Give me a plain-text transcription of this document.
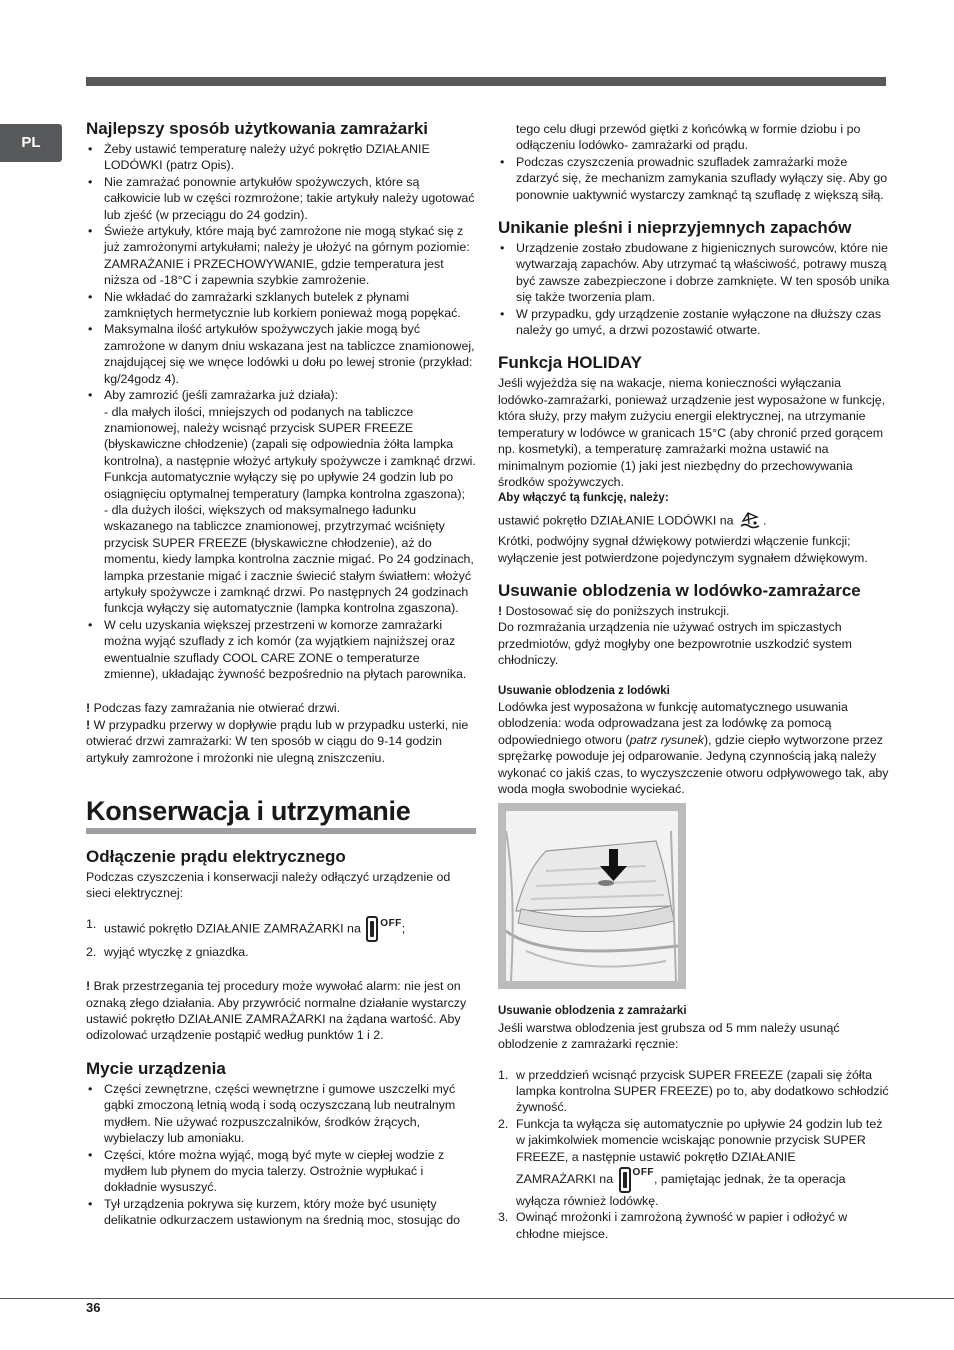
PL
Najlepszy sposób użytkowania zamrażarki
• Żeby ustawić temperaturę należy użyć pokrętło DZIAŁANIE LODÓWKI (patrz Opis).
• Nie zamrażać ponownie artykułów spożywczych, które są całkowicie lub w części rozmrożone; takie artykuły należy ugotować lub zjeść (w przeciągu do 24 godzin).
• Świeże artykuły, które mają być zamrożone nie mogą stykać się z już zamrożonymi artykułami; należy je ułożyć na górnym poziomie: ZAMRAŻANIE i PRZECHOWYWANIE, gdzie temperatura jest niższa od -18°C i zapewnia szybkie zamrożenie.
• Nie wkładać do zamrażarki szklanych butelek z płynami zamkniętych hermetycznie lub korkiem ponieważ mogą popękać.
• Maksymalna ilość artykułów spożywczych jakie mogą być zamrożone w danym dniu wskazana jest na tabliczce znamionowej, znajdującej się we wnęce lodówki u dołu po lewej stronie (przykład: kg/24godz 4).
• Aby zamrozić (jeśli zamrażarka już działa):
- dla małych ilości, mniejszych od podanych na tabliczce znamionowej, należy wcisnąć przycisk SUPER FREEZE (błyskawiczne chłodzenie) (zapali się odpowiednia żółta lampka kontrolna), a następnie włożyć artykuły spożywcze i zamknąć drzwi. Funkcja automatycznie wyłączy się po upływie 24 godzin lub po osiągnięciu optymalnej temperatury (lampka kontrolna zgaszona);
- dla dużych ilości, większych od maksymalnego ładunku wskazanego na tabliczce znamionowej, przytrzymać wciśnięty przycisk SUPER FREEZE (błyskawiczne chłodzenie), aż do momentu, kiedy lampka kontrolna zacznie migać. Po 24 godzinach, lampka przestanie migać i zacznie świecić stałym światłem: włożyć artykuły spożywcze i zamknąć drzwi. Po następnych 24 godzinach funkcja wyłączy się automatycznie (lampka kontrolna zgaszona).
• W celu uzyskania większej przestrzeni w komorze zamrażarki można wyjąć szuflady z ich komór (za wyjątkiem najniższej oraz ewentualnie szuflady COOL CARE ZONE o temperaturze zmienne), układając żywność bezpośrednio na płytach parownika.

! Podczas fazy zamrażania nie otwierać drzwi.

! W przypadku przerwy w dopływie prądu lub w przypadku usterki, nie otwierać drzwi zamrażarki: W ten sposób w ciągu do 9-14 godzin artykuły zamrożone i mrożonki nie ulegną zniszczeniu.

Konserwacja i utrzymanie
Odłączenie prądu elektrycznego

Podczas czyszczenia i konserwacji należy odłączyć urządzenie od sieci elektrycznej:

1. ustawić pokrętło DZIAŁANIE ZAMRAŻARKI na $^{OFF}$;
2. wyjąć wtyczkę z gniazdka.

! Brak przestrzegania tej procedury może wywołać alarm: nie jest on oznaką złego działania. Aby przywrócić normalne działanie wystarczy ustawić pokrętło DZIAŁANIE ZAMRAŻARKI na żądana wartość. Aby odizolować urządzenie postąpić według punktów 1 i 2.

Mycie urządzenia
• Części zewnętrzne, części wewnętrzne i gumowe uszczelki myć gąbki zmoczoną letnią wodą i sodą oczyszczaną lub neutralnym mydłem. Nie używać rozpuszczalników, środków żrących, wybielaczy lub amoniaku.
• Części, które można wyjąć, mogą być myte w ciepłej wodzie z mydłem lub płynem do mycia talerzy. Ostrożnie wypłukać i dokładnie wysuszyć.
• Tył urządzenia pokrywa się kurzem, który może być usunięty delikatnie odkurzaczem ustawionym na średnią moc, stosując do
tego celu długi przewód giętki z końcówką w formie dziobu i po odłączeniu lodówko- zamrażarki od prądu.
• Podczas czyszczenia prowadnic szufladek zamrażarki może zdarzyć się, że mechanizm zamykania szuflady wyłączy się. Aby go ponownie uaktywnić wystarczy zamknąć tą szufladę z większą siłą.
Unikanie pleśni i nieprzyjemnych zapachów
• Urządzenie zostało zbudowane z higienicznych surowców, które nie wytwarzają zapachów. Aby utrzymać tą właściwość, potrawy muszą być zawsze zabezpieczone i dobrze zamknięte. W ten sposób unika się także tworzenia plam.
• W przypadku, gdy urządzenie zostanie wyłączone na dłuższy czas należy go umyć, a drzwi pozostawić otwarte.
Funkcja HOLIDAY

Jeśli wyjeżdża się na wakacje, niema konieczności wyłączania lodówko-zamrażarki, ponieważ urządzenie jest wyposażone w funkcję, która służy, przy małym zużyciu energii elektrycznej, na utrzymanie temperatury w lodówce w granicach 15°C (aby chronić przed gorącem np. kosmetyki), a temperaturę zamrażarki można ustawić na minimalnym poziomie (1) jaki jest niezbędny do przechowywania środków spożywczych.

Aby włączyć tą funkcję, należy:

ustawić pokrętło DZIAŁANIE LODÓWKI na .

Krótki, podwójny sygnał dźwiękowy potwierdzi włączenie funkcji; wyłączenie jest potwierdzone pojedynczym sygnałem dźwiękowym.

Usuwanie oblodzenia w lodówko-zamrażarce

! Dostosować się do poniższych instrukcji.

Do rozmrażania urządzenia nie używać ostrych im spiczastych przedmiotów, gdyż mogłyby one bezpowrotnie uszkodzić system chłodniczy.

Usuwanie oblodzenia z lodówki

Lodówka jest wyposażona w funkcję automatycznego usuwania oblodzenia: woda odprowadzana jest za lodówkę za pomocą odpowiedniego otworu (patrz rysunek), gdzie ciepło wytworzone przez sprężarkę powoduje jej odparowanie. Jedyną czynnością jaką należy wykonać co jakiś czas, to wyczyszczenie otworu odpływowego tak, aby woda mogła swobodnie wyciekać.

Usuwanie oblodzenia z zamrażarki

Jeśli warstwa oblodzenia jest grubsza od 5 mm należy usunąć oblodzenie z zamrażarki ręcznie:

1. w przeddzień wcisnąć przycisk SUPER FREEZE (zapali się żółta lampka kontrolna SUPER FREEZE) po to, aby dodatkowo schłodzić żywność.
2. Funkcja ta wyłącza się automatycznie po upływie 24 godzin lub też w jakimkolwiek momencie wciskając ponownie przycisk SUPER FREEZE, a następnie ustawić pokrętło DZIAŁANIE
ZAMRAŻARKI na $^{OFF}$, pamiętając jednak, że ta operacja wyłącza również lodówkę.
3. Owinąć mrożonki i zamrożoną żywność w papier i odłożyć w chłodne miejsce.
36
